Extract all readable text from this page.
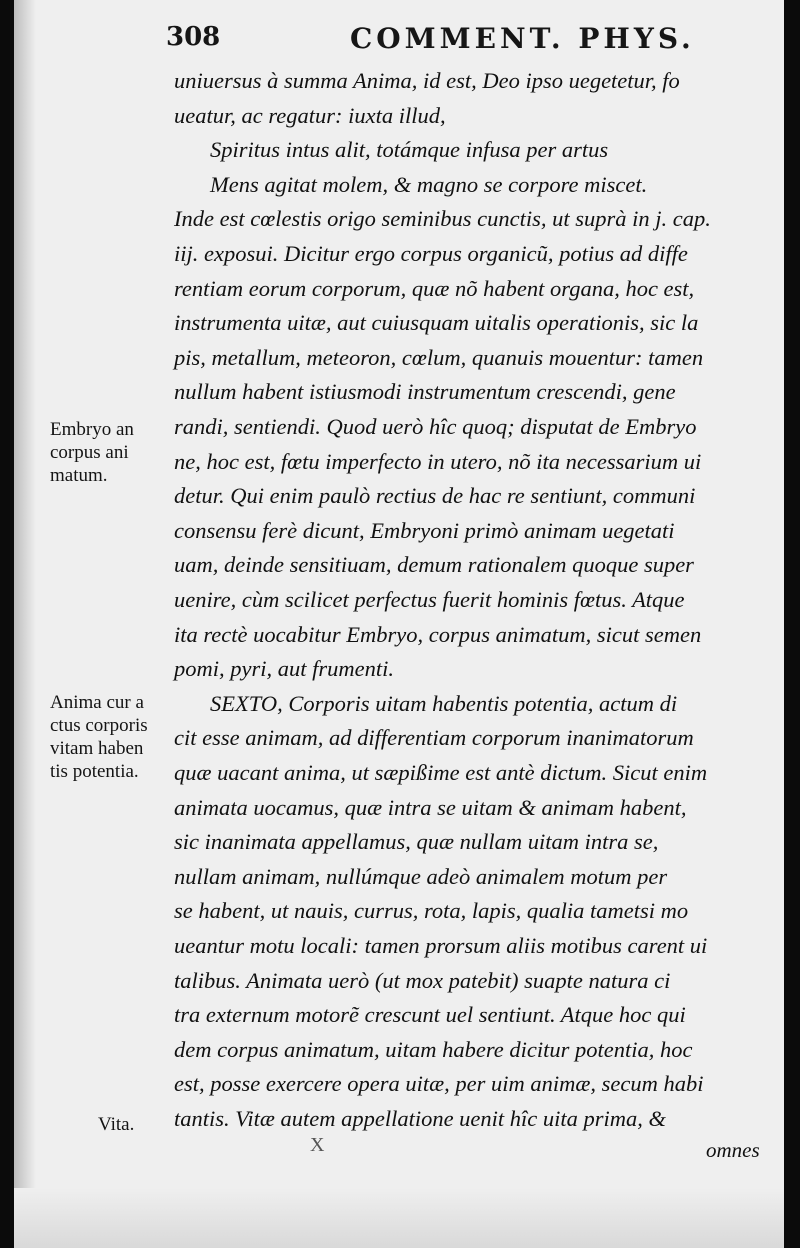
308	COMMENT. PHYS.
uniuersus à summa Anima, id est, Deo ipso uegetetur, fo
ueatur, ac regatur: iuxta illud,
Spiritus intus alit, totámque infusa per artus
Mens agitat molem, & magno se corpore miscet.
Inde est cœlestis origo seminibus cunctis, ut suprà in j. cap.
iij. exposui. Dicitur ergo corpus organicũ, potius ad diffe
rentiam eorum corporum, quæ nõ habent organa, hoc est,
instrumenta uitæ, aut cuiusquam uitalis operationis, sic la
pis, metallum, meteoron, cœlum, quanuis mouentur: tamen
nullum habent istiusmodi instrumentum crescendi, gene
randi, sentiendi. Quod uerò hîc quoq; disputat de Embryo
ne, hoc est, fœtu imperfecto in utero, nõ ita necessarium ui
detur. Qui enim paulò rectius de hac re sentiunt, communi
consensu ferè dicunt, Embryoni primò animam uegetati
uam, deinde sensitiuam, demum rationalem quoque super
uenire, cùm scilicet perfectus fuerit hominis fœtus. Atque
ita rectè uocabitur Embryo, corpus animatum, sicut semen
pomi, pyri, aut frumenti.
SEXTO, Corporis uitam habentis potentia, actum di
cit esse animam, ad differentiam corporum inanimatorum
quæ uacant anima, ut sæpißime est antè dictum. Sicut enim
animata uocamus, quæ intra se uitam & animam habent,
sic inanimata appellamus, quæ nullam uitam intra se,
nullam animam, nullúmque adeò animalem motum per
se habent, ut nauis, currus, rota, lapis, qualia tametsi mo
ueantur motu locali: tamen prorsum aliis motibus carent ui
talibus. Animata uerò (ut mox patebit) suapte natura ci
tra externum motorẽ crescunt uel sentiunt. Atque hoc qui
dem corpus animatum, uitam habere dicitur potentia, hoc
est, posse exercere opera uitæ, per uim animæ, secum habi
tantis. Vitæ autem appellatione uenit hîc uita prima, &
Embryo an
corpus ani
matum.
Anima cur a
ctus corporis
vitam haben
tis potentia.
Vita.
X	omnes
